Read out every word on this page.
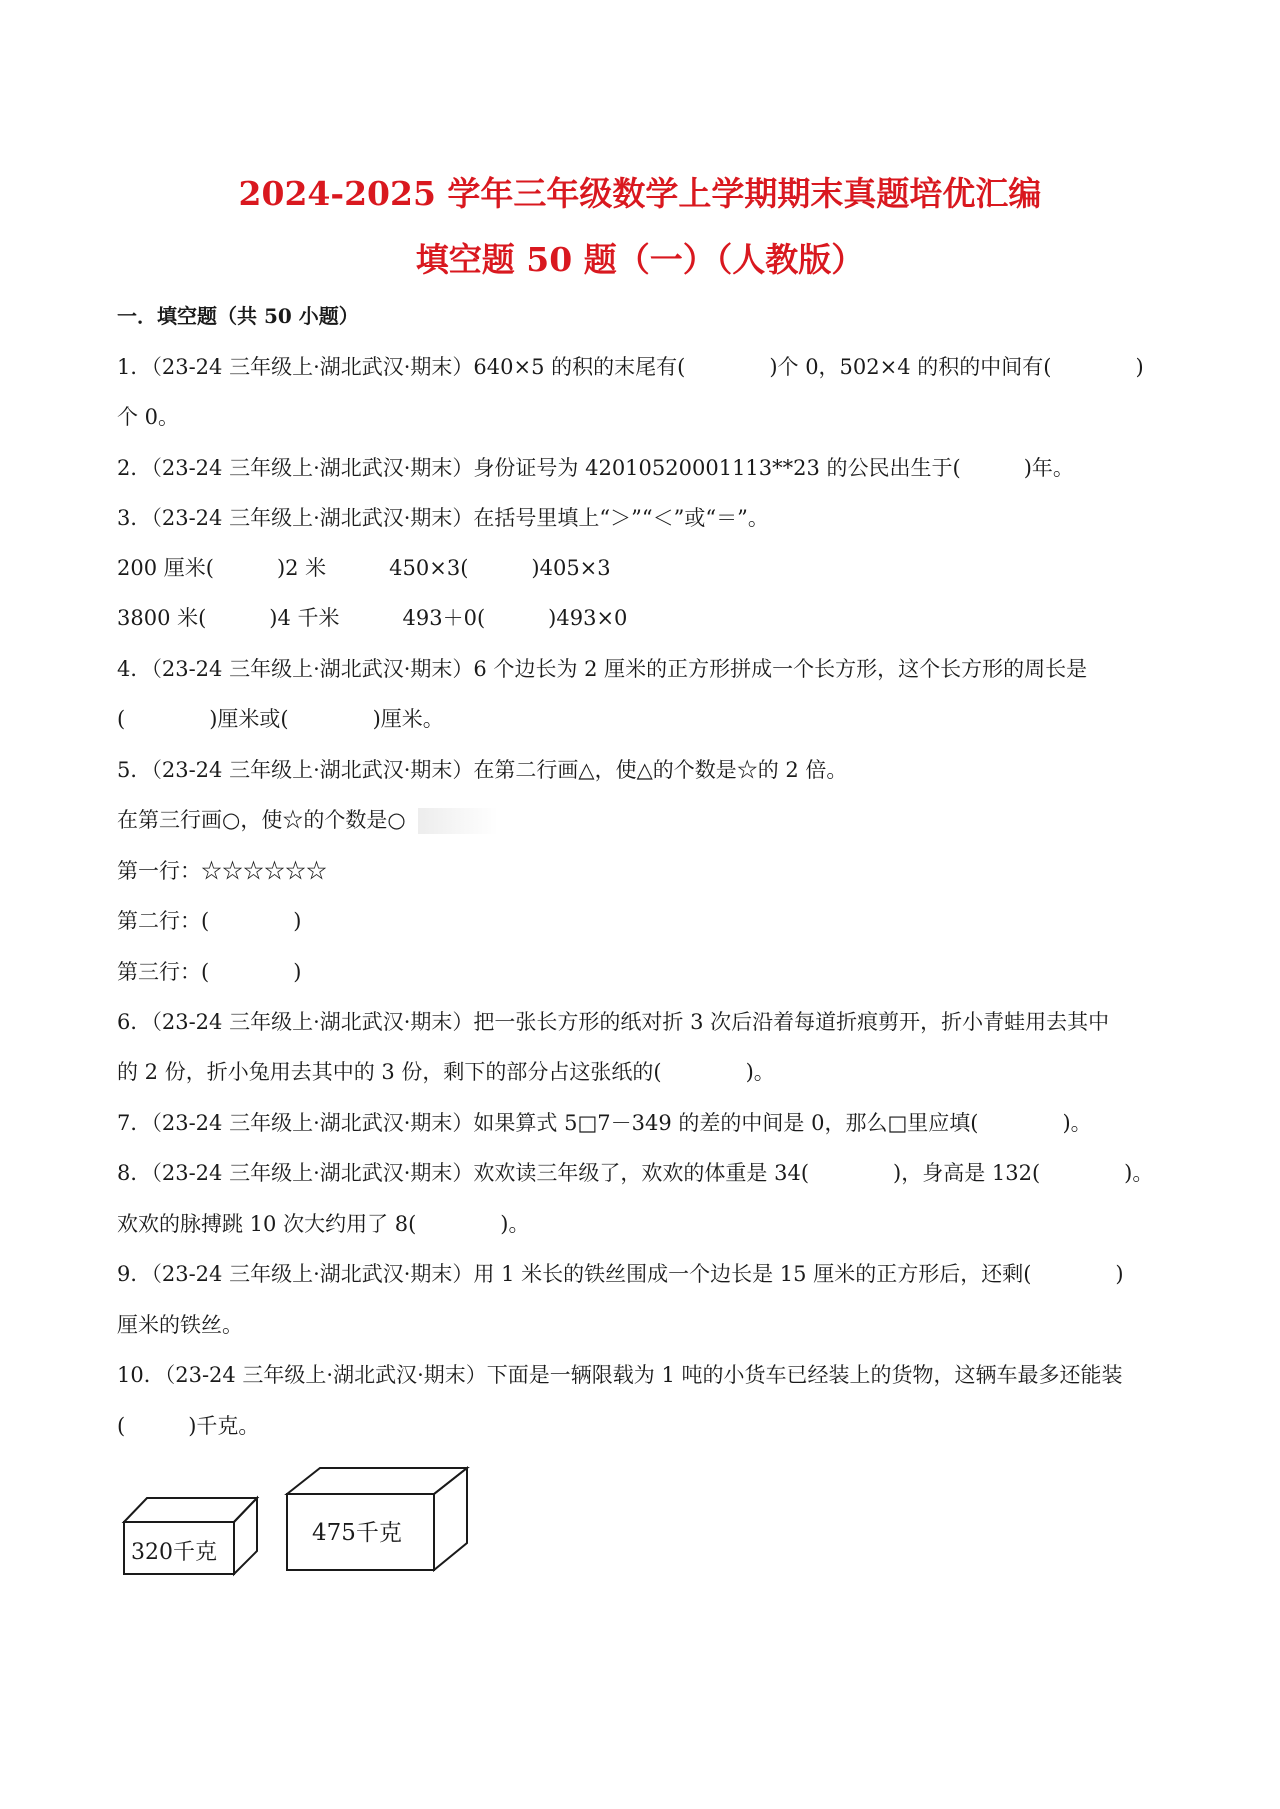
2024-2025 学年三年级数学上学期期末真题培优汇编
填空题 50 题（一）（人教版）
一．填空题（共 50 小题）
1．（23-24 三年级上·湖北武汉·期末）640×5 的积的末尾有(　　　　)个 0，502×4 的积的中间有(　　　　)
个 0。
2．（23-24 三年级上·湖北武汉·期末）身份证号为 42010520001113**23 的公民出生于(　　　)年。
3．（23-24 三年级上·湖北武汉·期末）在括号里填上“＞”“＜”或“＝”。
200 厘米(　　　)2 米　　　450×3(　　　)405×3
3800 米(　　　)4 千米　　　493＋0(　　　)493×0
4．（23-24 三年级上·湖北武汉·期末）6 个边长为 2 厘米的正方形拼成一个长方形，这个长方形的周长是
(　　　　)厘米或(　　　　)厘米。
5．（23-24 三年级上·湖北武汉·期末）在第二行画△，使△的个数是☆的 2 倍。
在第三行画○，使☆的个数是○
第一行：☆☆☆☆☆☆
第二行：(　　　　)
第三行：(　　　　)
6．（23-24 三年级上·湖北武汉·期末）把一张长方形的纸对折 3 次后沿着每道折痕剪开，折小青蛙用去其中
的 2 份，折小兔用去其中的 3 份，剩下的部分占这张纸的(　　　　)。
7．（23-24 三年级上·湖北武汉·期末）如果算式 5□7－349 的差的中间是 0，那么□里应填(　　　　)。
8．（23-24 三年级上·湖北武汉·期末）欢欢读三年级了，欢欢的体重是 34(　　　　)，身高是 132(　　　　)。
欢欢的脉搏跳 10 次大约用了 8(　　　　)。
9．（23-24 三年级上·湖北武汉·期末）用 1 米长的铁丝围成一个边长是 15 厘米的正方形后，还剩(　　　　)
厘米的铁丝。
10．（23-24 三年级上·湖北武汉·期末）下面是一辆限载为 1 吨的小货车已经装上的货物，这辆车最多还能装
(　　　)千克。
320千克
475千克
